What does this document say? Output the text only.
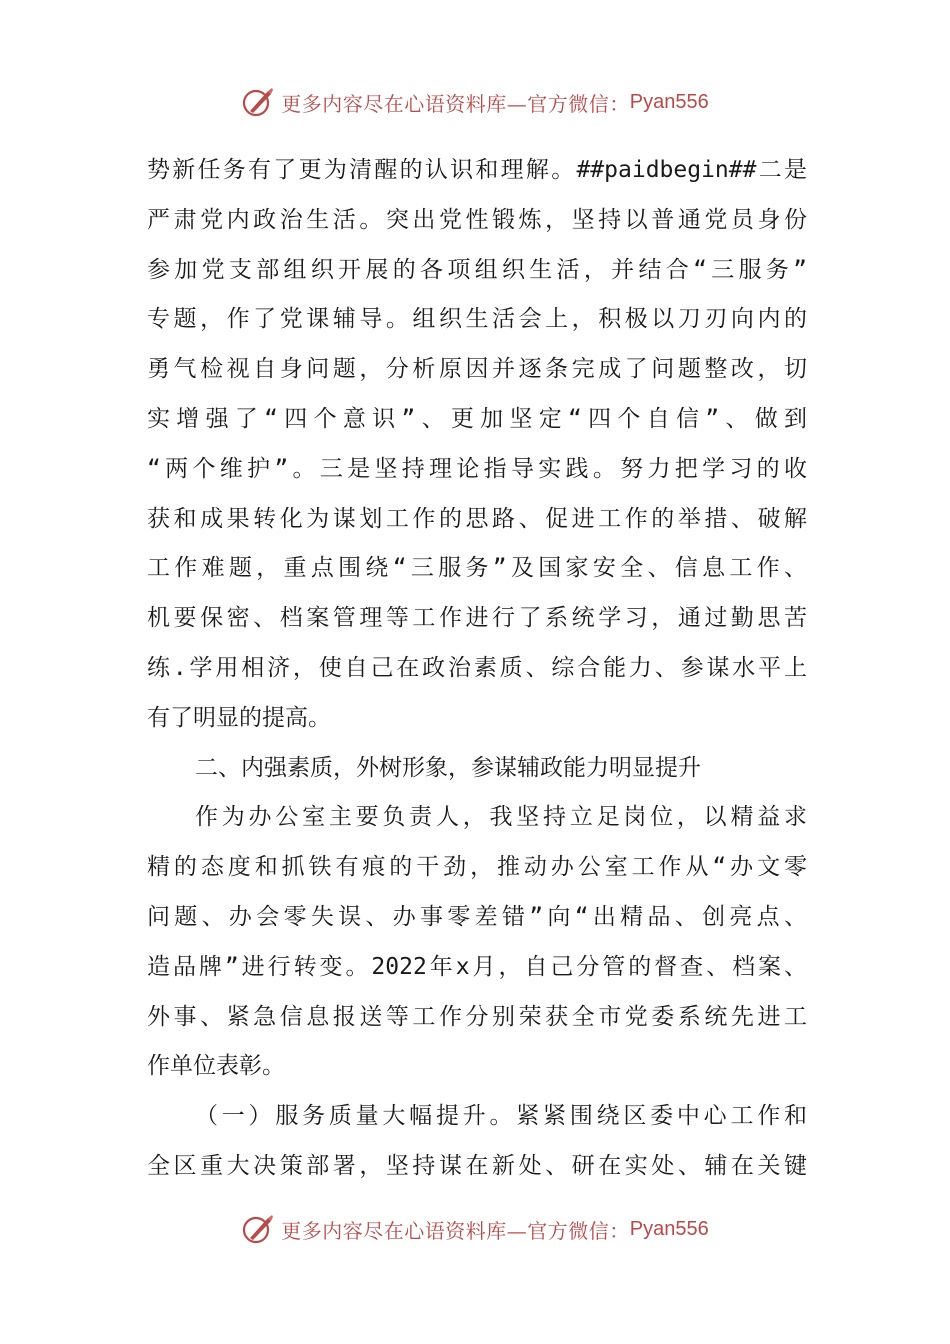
更多内容尽在心语资料库—官方微信： Pyan556
势新任务有了更为清醒的认识和理解。##paidbegin##二是
严肃党内政治生活。突出党性锻炼，坚持以普通党员身份
参加党支部组织开展的各项组织生活，并结合“三服务”
专题，作了党课辅导。组织生活会上，积极以刀刃向内的
勇气检视自身问题，分析原因并逐条完成了问题整改，切
实增强了“四个意识”、更加坚定“四个自信”、做到
“两个维护”。三是坚持理论指导实践。努力把学习的收
获和成果转化为谋划工作的思路、促进工作的举措、破解
工作难题，重点围绕“三服务”及国家安全、信息工作、
机要保密、档案管理等工作进行了系统学习，通过勤思苦
练.学用相济，使自己在政治素质、综合能力、参谋水平上
有了明显的提高。
二、内强素质，外树形象，参谋辅政能力明显提升
作为办公室主要负责人，我坚持立足岗位，以精益求
精的态度和抓铁有痕的干劲，推动办公室工作从“办文零
问题、办会零失误、办事零差错”向“出精品、创亮点、
造品牌”进行转变。2022年x月，自己分管的督查、档案、
外事、紧急信息报送等工作分别荣获全市党委系统先进工
作单位表彰。
（一）服务质量大幅提升。紧紧围绕区委中心工作和
全区重大决策部署，坚持谋在新处、研在实处、辅在关键
更多内容尽在心语资料库—官方微信： Pyan556
